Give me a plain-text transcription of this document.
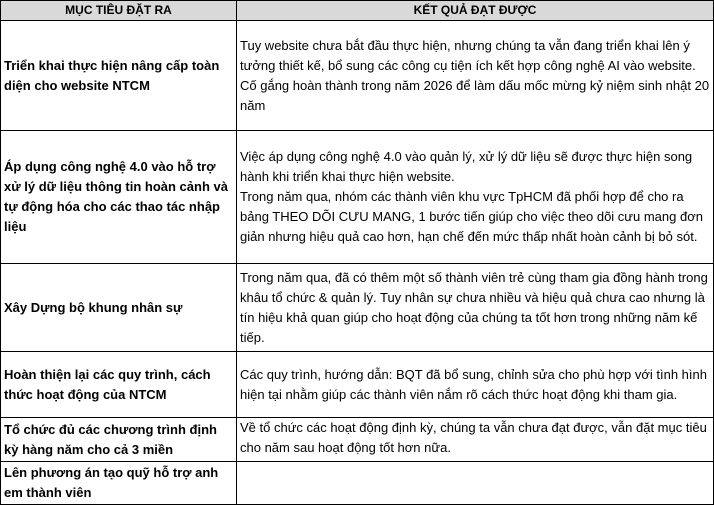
MỤC TIÊU ĐẶT RA	KẾT QUẢ ĐẠT ĐƯỢC
Triển khai thực hiện nâng cấp toàn diện cho website NTCM	Tuy website chưa bắt đầu thực hiện, nhưng chúng ta vẫn đang triển khai lên ý tưởng thiết kế, bổ sung các công cụ tiện ích kết hợp công nghệ AI vào website.
Cố gắng hoàn thành trong năm 2026 để làm dấu mốc mừng kỷ niệm sinh nhật 20 năm

Áp dụng công nghệ 4.0 vào hỗ trợ xử lý dữ liệu thông tin hoàn cảnh và tự động hóa cho các thao tác nhập liệu	Việc áp dụng công nghệ 4.0 vào quản lý, xử lý dữ liệu sẽ được thực hiện song hành khi triển khai thực hiện website.
Trong năm qua, nhóm các thành viên khu vực TpHCM đã phối hợp để cho ra bảng THEO DÕI CƯU MANG, 1 bước tiến giúp cho việc theo dõi cưu mang đơn giản nhưng hiệu quả cao hơn, hạn chế đến mức thấp nhất hoàn cảnh bị bỏ sót.

Xây Dựng bộ khung nhân sự	Trong năm qua, đã có thêm một số thành viên trẻ cùng tham gia đồng hành trong khâu tổ chức & quản lý. Tuy nhân sự chưa nhiều và hiệu quả chưa cao nhưng là tín hiệu khả quan giúp cho hoạt động của chúng ta tốt hơn trong những năm kế tiếp.

Hoàn thiện lại các quy trình, cách thức hoạt động của NTCM	Các quy trình, hướng dẫn: BQT đã bổ sung, chỉnh sửa cho phù hợp với tình hình hiện tại nhằm giúp các thành viên nắm rõ cách thức hoạt động khi tham gia.

Tổ chức đủ các chương trình định kỳ hàng năm cho cả 3 miền	Về tổ chức các hoạt động định kỳ, chúng ta vẫn chưa đạt được, vẫn đặt mục tiêu cho năm sau hoạt động tốt hơn nữa.

Lên phương án tạo quỹ hỗ trợ anh em thành viên	
